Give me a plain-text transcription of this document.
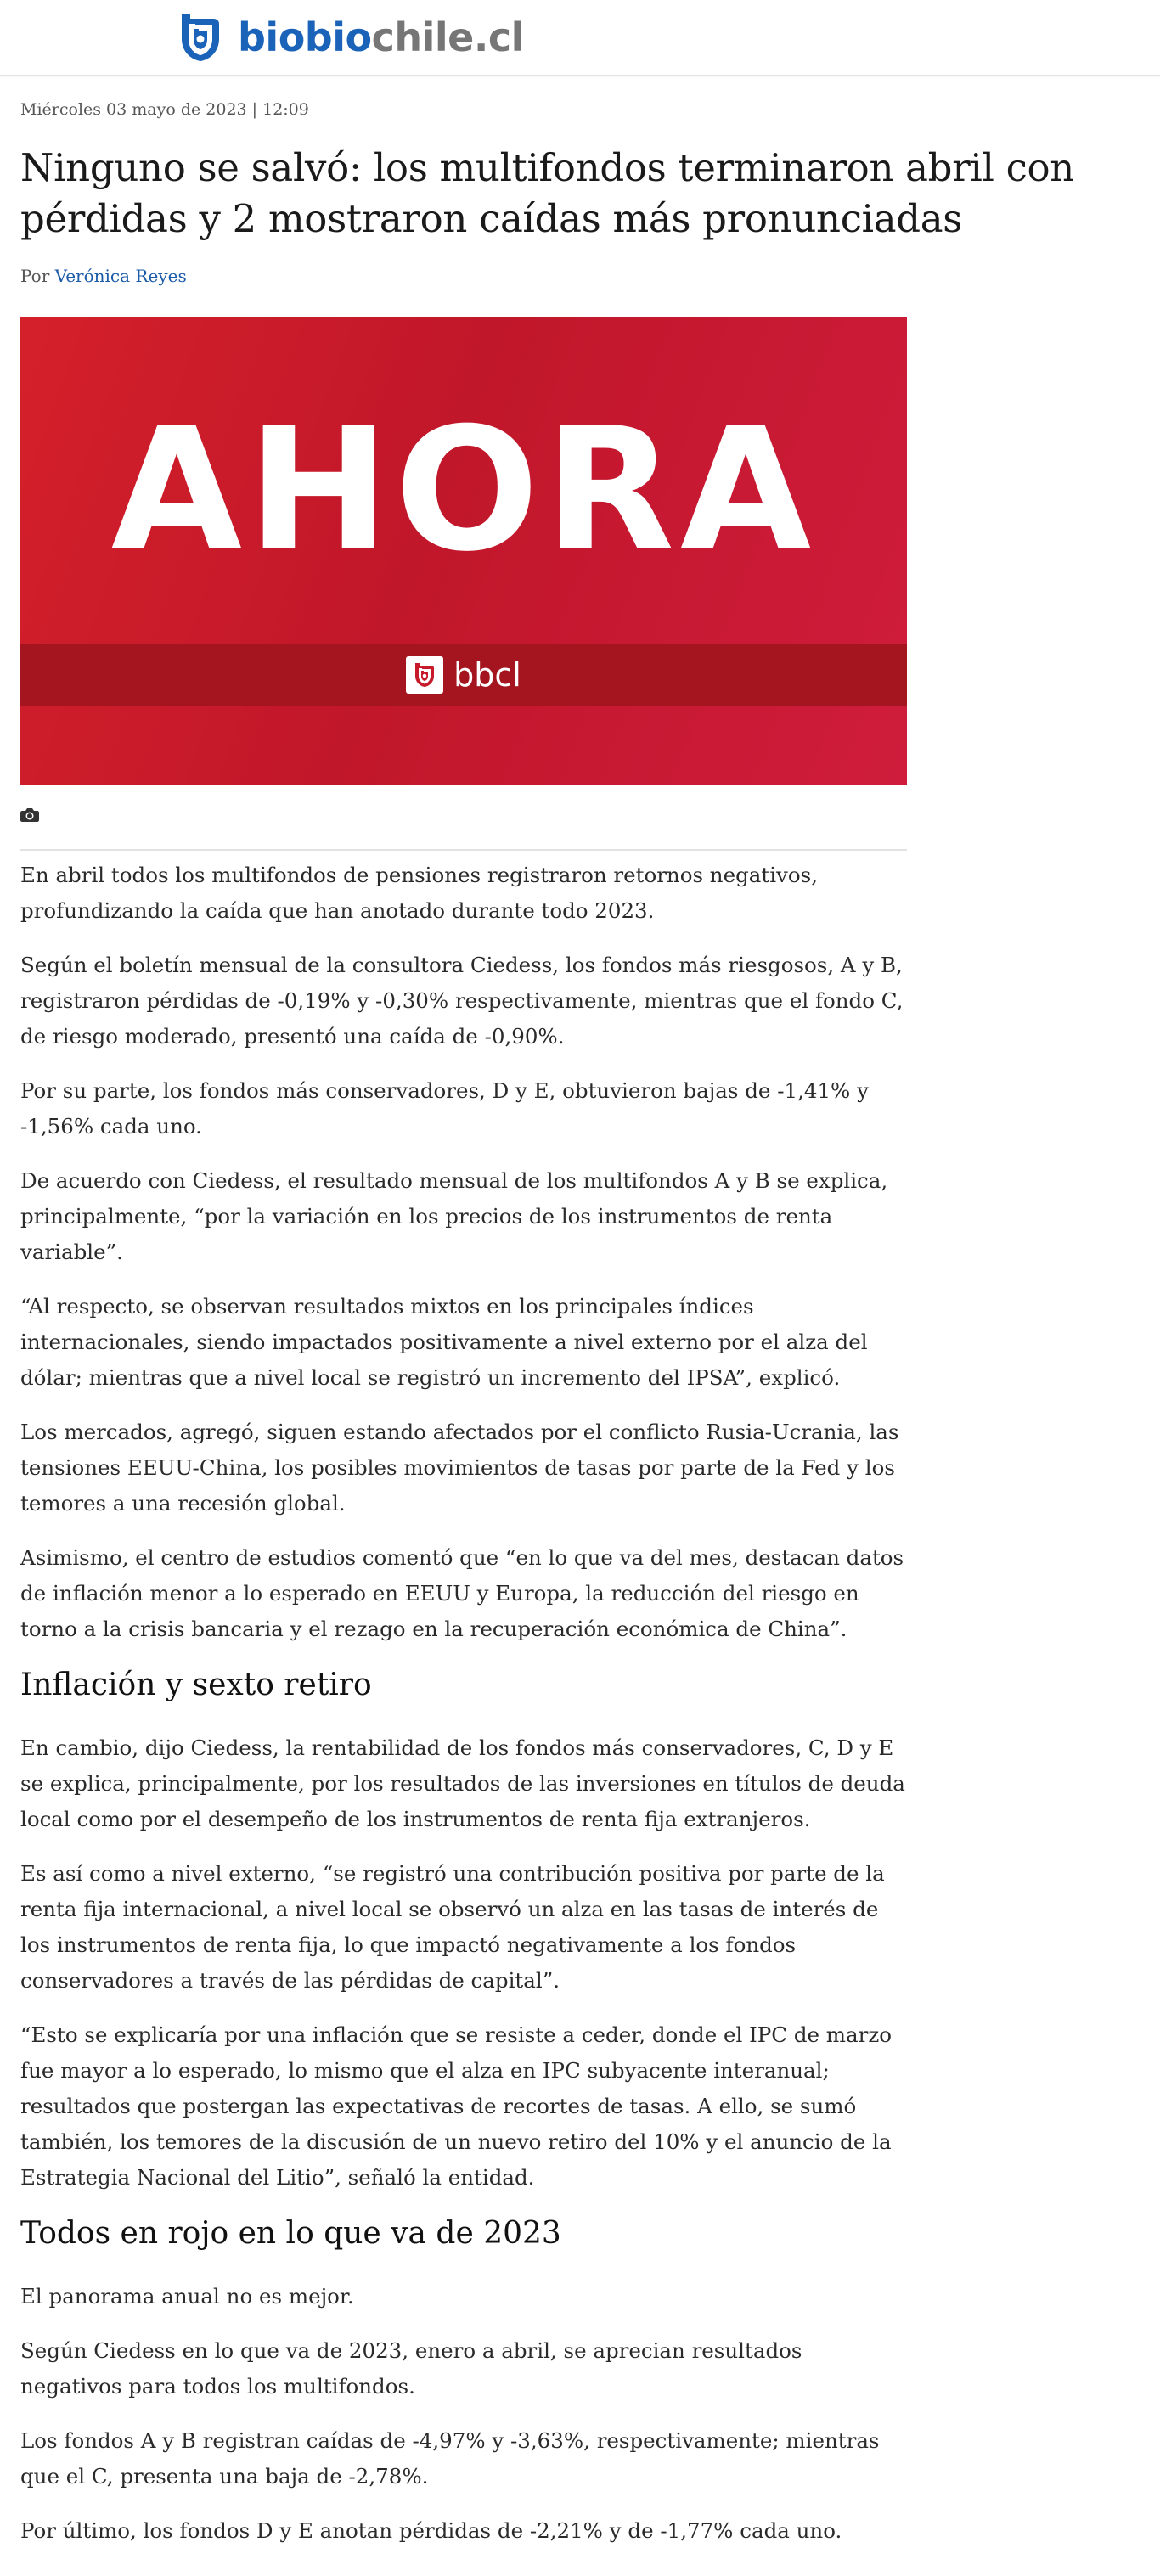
biobiochile.cl
Miércoles 03 mayo de 2023 | 12:09
Ninguno se salvó: los multifondos terminaron abril con pérdidas y 2 mostraron caídas más pronunciadas
Por Verónica Reyes
AHORA
bbcl

En abril todos los multifondos de pensiones registraron retornos negativos, profundizando la caída que han anotado durante todo 2023.

Según el boletín mensual de la consultora Ciedess, los fondos más riesgosos, A y B, registraron pérdidas de -0,19% y -0,30% respectivamente, mientras que el fondo C, de riesgo moderado, presentó una caída de -0,90%.

Por su parte, los fondos más conservadores, D y E, obtuvieron bajas de -1,41% y -1,56% cada uno.

De acuerdo con Ciedess, el resultado mensual de los multifondos A y B se explica, principalmente, “por la variación en los precios de los instrumentos de renta variable”.

“Al respecto, se observan resultados mixtos en los principales índices internacionales, siendo impactados positivamente a nivel externo por el alza del dólar; mientras que a nivel local se registró un incremento del IPSA”, explicó.

Los mercados, agregó, siguen estando afectados por el conflicto Rusia-Ucrania, las tensiones EEUU-China, los posibles movimientos de tasas por parte de la Fed y los temores a una recesión global.

Asimismo, el centro de estudios comentó que “en lo que va del mes, destacan datos de inflación menor a lo esperado en EEUU y Europa, la reducción del riesgo en torno a la crisis bancaria y el rezago en la recuperación económica de China”.

Inflación y sexto retiro

En cambio, dijo Ciedess, la rentabilidad de los fondos más conservadores, C, D y E se explica, principalmente, por los resultados de las inversiones en títulos de deuda local como por el desempeño de los instrumentos de renta fija extranjeros.

Es así como a nivel externo, “se registró una contribución positiva por parte de la renta fija internacional, a nivel local se observó un alza en las tasas de interés de los instrumentos de renta fija, lo que impactó negativamente a los fondos conservadores a través de las pérdidas de capital”.

“Esto se explicaría por una inflación que se resiste a ceder, donde el IPC de marzo fue mayor a lo esperado, lo mismo que el alza en IPC subyacente interanual; resultados que postergan las expectativas de recortes de tasas. A ello, se sumó también, los temores de la discusión de un nuevo retiro del 10% y el anuncio de la Estrategia Nacional del Litio”, señaló la entidad.

Todos en rojo en lo que va de 2023

El panorama anual no es mejor.

Según Ciedess en lo que va de 2023, enero a abril, se aprecian resultados negativos para todos los multifondos.

Los fondos A y B registran caídas de -4,97% y -3,63%, respectivamente; mientras que el C, presenta una baja de -2,78%.

Por último, los fondos D y E anotan pérdidas de -2,21% y de -1,77% cada uno.
